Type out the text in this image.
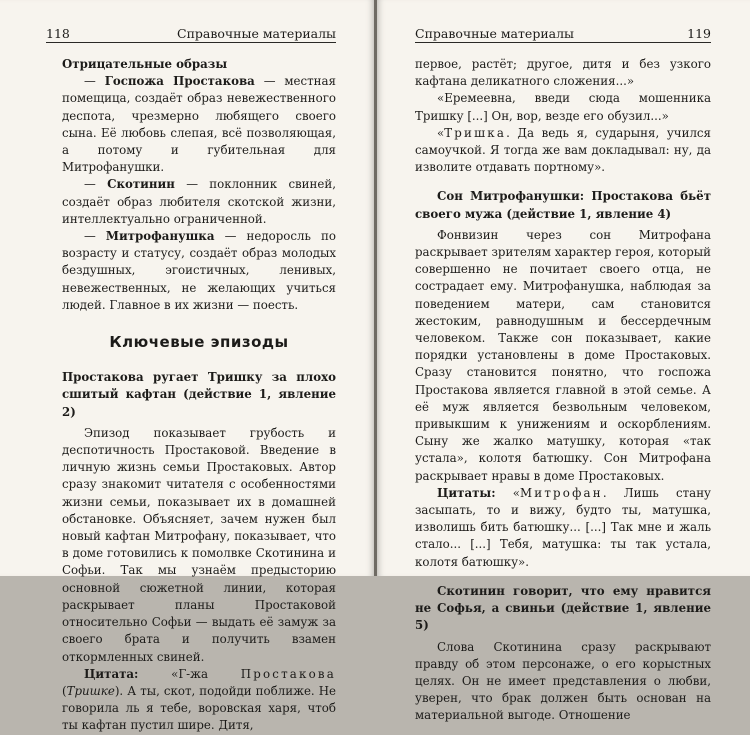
118	Справочные материалы

Отрицательные образы

— Госпожа Простакова — местная помещица, создаёт образ невежественного деспота, чрезмерно любящего своего сына. Её любовь слепая, всё позволяющая, а потому и губительная для Митрофанушки.

— Скотинин — поклонник свиней, создаёт образ любителя скотской жизни, интеллектуально ограниченной.

— Митрофанушка — недоросль по возрасту и статусу, создаёт образ молодых бездушных, эгоистичных, ленивых, невежественных, не желающих учиться людей. Главное в их жизни — поесть.

Ключевые эпизоды

Простакова ругает Тришку за плохо сшитый кафтан (действие 1, явление 2)

Эпизод показывает грубость и деспотичность Простаковой. Введение в личную жизнь семьи Простаковых. Автор сразу знакомит читателя с особенностями жизни семьи, показывает их в домашней обстановке. Объясняет, зачем нужен был новый кафтан Митрофану, показывает, что в доме готовились к помолвке Скотинина и Софьи. Так мы узнаём предысторию основной сюжетной линии, которая раскрывает планы Простаковой относительно Софьи — выдать её замуж за своего брата и получить взамен откормленных свиней.

Цитата: «Г-жа Простакова (Тришке). А ты, скот, подойди поближе. Не говорила ль я тебе, воровская харя, чтоб ты кафтан пустил шире. Дитя,

Справочные материалы	119

первое, растёт; другое, дитя и без узкого кафтана деликатного сложения...»

«Еремеевна, введи сюда мошенника Тришку [...] Он, вор, везде его обузил...»

«Тришка. Да ведь я, сударыня, учился самоучкой. Я тогда же вам докладывал: ну, да изволите отдавать портному».

Сон Митрофанушки: Простакова бьёт своего мужа (действие 1, явление 4)

Фонвизин через сон Митрофана раскрывает зрителям характер героя, который совершенно не почитает своего отца, не сострадает ему. Митрофанушка, наблюдая за поведением матери, сам становится жестоким, равнодушным и бессердечным человеком. Также сон показывает, какие порядки установлены в доме Простаковых. Сразу становится понятно, что госпожа Простакова является главной в этой семье. А её муж является безвольным человеком, привыкшим к унижениям и оскорблениям. Сыну же жалко матушку, которая «так устала», колотя батюшку. Сон Митрофана раскрывает нравы в доме Простаковых.

Цитаты: «Митрофан. Лишь стану засыпать, то и вижу, будто ты, матушка, изволишь бить батюшку... [...] Так мне и жаль стало... [...] Тебя, матушка: ты так устала, колотя батюшку».

Скотинин говорит, что ему нравится не Софья, а свиньи (действие 1, явление 5)

Слова Скотинина сразу раскрывают правду об этом персонаже, о его корыстных целях. Он не имеет представления о любви, уверен, что брак должен быть основан на материальной выгоде. Отношение
